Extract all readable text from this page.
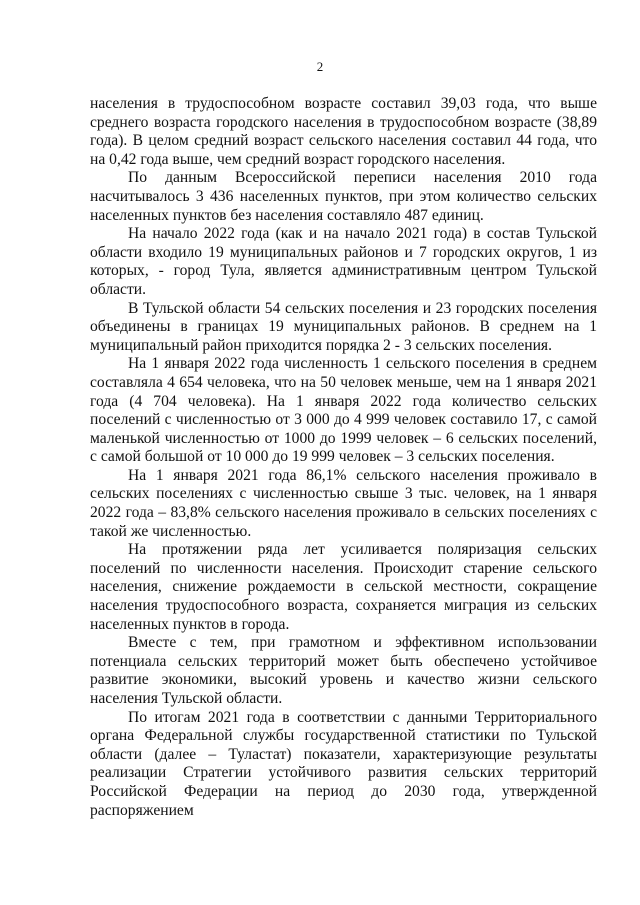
2

населения в трудоспособном возрасте составил 39,03 года, что выше среднего возраста городского населения в трудоспособном возрасте (38,89 года). В целом средний возраст сельского населения составил 44 года, что на 0,42 года выше, чем средний возраст городского населения.

По данным Всероссийской переписи населения 2010 года насчитывалось 3 436 населенных пунктов, при этом количество сельских населенных пунктов без населения составляло 487 единиц.

На начало 2022 года (как и на начало 2021 года) в состав Тульской области входило 19 муниципальных районов и 7 городских округов, 1 из которых, - город Тула, является административным центром Тульской области.

В Тульской области 54 сельских поселения и 23 городских поселения объединены в границах 19 муниципальных районов. В среднем на 1 муниципальный район приходится порядка 2 - 3 сельских поселения.

На 1 января 2022 года численность 1 сельского поселения в среднем составляла 4 654 человека, что на 50 человек меньше, чем на 1 января 2021 года (4 704 человека). На 1 января 2022 года количество сельских поселений с численностью от 3 000 до 4 999 человек составило 17, с самой маленькой численностью от 1000 до 1999 человек – 6 сельских поселений, с самой большой от 10 000 до 19 999 человек – 3 сельских поселения.

На 1 января 2021 года 86,1% сельского населения проживало в сельских поселениях с численностью свыше 3 тыс. человек, на 1 января 2022 года – 83,8% сельского населения проживало в сельских поселениях с такой же численностью.

На протяжении ряда лет усиливается поляризация сельских поселений по численности населения. Происходит старение сельского населения, снижение рождаемости в сельской местности, сокращение населения трудоспособного возраста, сохраняется миграция из сельских населенных пунктов в города.

Вместе с тем, при грамотном и эффективном использовании потенциала сельских территорий может быть обеспечено устойчивое развитие экономики, высокий уровень и качество жизни сельского населения Тульской области.

По итогам 2021 года в соответствии с данными Территориального органа Федеральной службы государственной статистики по Тульской области (далее – Туластат) показатели, характеризующие результаты реализации Стратегии устойчивого развития сельских территорий Российской Федерации на период до 2030 года, утвержденной распоряжением
